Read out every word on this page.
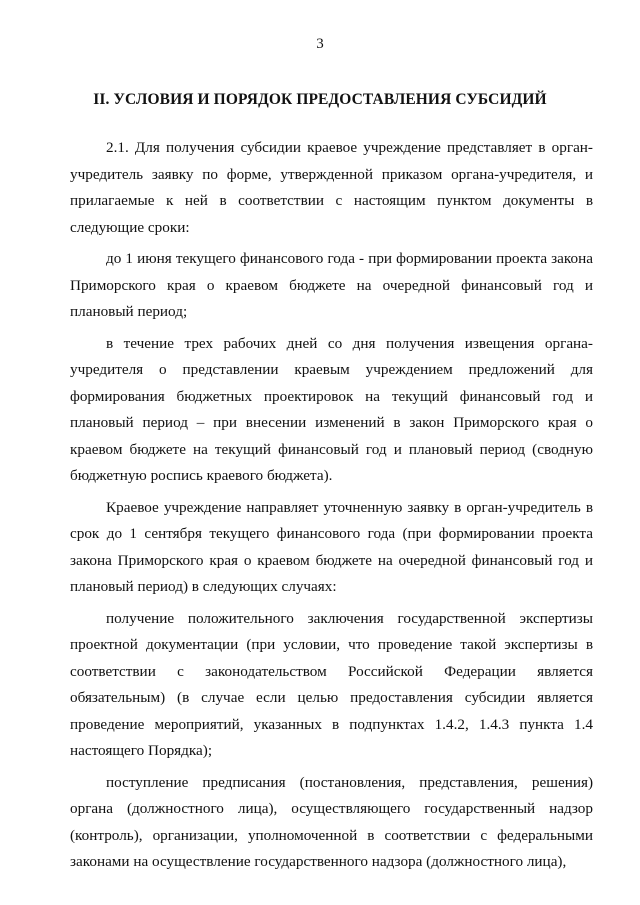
3
II. УСЛОВИЯ И ПОРЯДОК ПРЕДОСТАВЛЕНИЯ СУБСИДИЙ

2.1. Для получения субсидии краевое учреждение представляет в орган-учредитель заявку по форме, утвержденной приказом органа-учредителя, и прилагаемые к ней в соответствии с настоящим пунктом документы в следующие сроки:

до 1 июня текущего финансового года - при формировании проекта закона Приморского края о краевом бюджете на очередной финансовый год и плановый период;

в течение трех рабочих дней со дня получения извещения органа-учредителя о представлении краевым учреждением предложений для формирования бюджетных проектировок на текущий финансовый год и плановый период – при внесении изменений в закон Приморского края о краевом бюджете на текущий финансовый год и плановый период (сводную бюджетную роспись краевого бюджета).

Краевое учреждение направляет уточненную заявку в орган-учредитель в срок до 1 сентября текущего финансового года (при формировании проекта закона Приморского края о краевом бюджете на очередной финансовый год и плановый период) в следующих случаях:

получение положительного заключения государственной экспертизы проектной документации (при условии, что проведение такой экспертизы в соответствии с законодательством Российской Федерации является обязательным) (в случае если целью предоставления субсидии является проведение мероприятий, указанных в подпунктах 1.4.2, 1.4.3 пункта 1.4 настоящего Порядка);

поступление предписания (постановления, представления, решения) органа (должностного лица), осуществляющего государственный надзор (контроль), организации, уполномоченной в соответствии с федеральными законами на осуществление государственного надзора (должностного лица),
